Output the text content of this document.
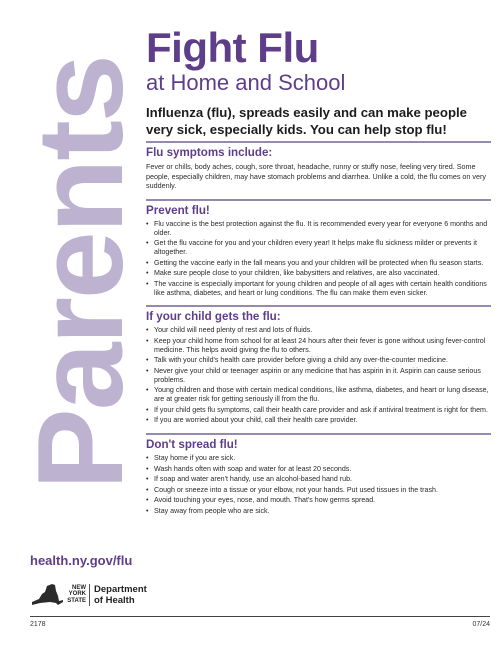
Parents
Fight Flu
at Home and School
Influenza (flu), spreads easily and can make people very sick, especially kids. You can help stop flu!
Flu symptoms include:
Fever or chills, body aches, cough, sore throat, headache, runny or stuffy nose, feeling very tired. Some people, especially children, may have stomach problems and diarrhea. Unlike a cold, the flu comes on very suddenly.
Prevent flu!
• Flu vaccine is the best protection against the flu. It is recommended every year for everyone 6 months and older.
• Get the flu vaccine for you and your children every year! It helps make flu sickness milder or prevents it altogether.
• Getting the vaccine early in the fall means you and your children will be protected when flu season starts.
• Make sure people close to your children, like babysitters and relatives, are also vaccinated.
• The vaccine is especially important for young children and people of all ages with certain health conditions like asthma, diabetes, and heart or lung conditions. The flu can make them even sicker.
If your child gets the flu:
• Your child will need plenty of rest and lots of fluids.
• Keep your child home from school for at least 24 hours after their fever is gone without using fever-control medicine. This helps avoid giving the flu to others.
• Talk with your child's health care provider before giving a child any over-the-counter medicine.
• Never give your child or teenager aspirin or any medicine that has aspirin in it. Aspirin can cause serious problems.
• Young children and those with certain medical conditions, like asthma, diabetes, and heart or lung disease, are at greater risk for getting seriously ill from the flu.
• If your child gets flu symptoms, call their health care provider and ask if antiviral treatment is right for them.
• If you are worried about your child, call their health care provider.
Don't spread flu!
• Stay home if you are sick.
• Wash hands often with soap and water for at least 20 seconds.
• If soap and water aren't handy, use an alcohol-based hand rub.
• Cough or sneeze into a tissue or your elbow, not your hands. Put used tissues in the trash.
• Avoid touching your eyes, nose, and mouth. That's how germs spread.
• Stay away from people who are sick.
health.ny.gov/flu
NEW YORK STATE
Department
of Health
2178	07/24
